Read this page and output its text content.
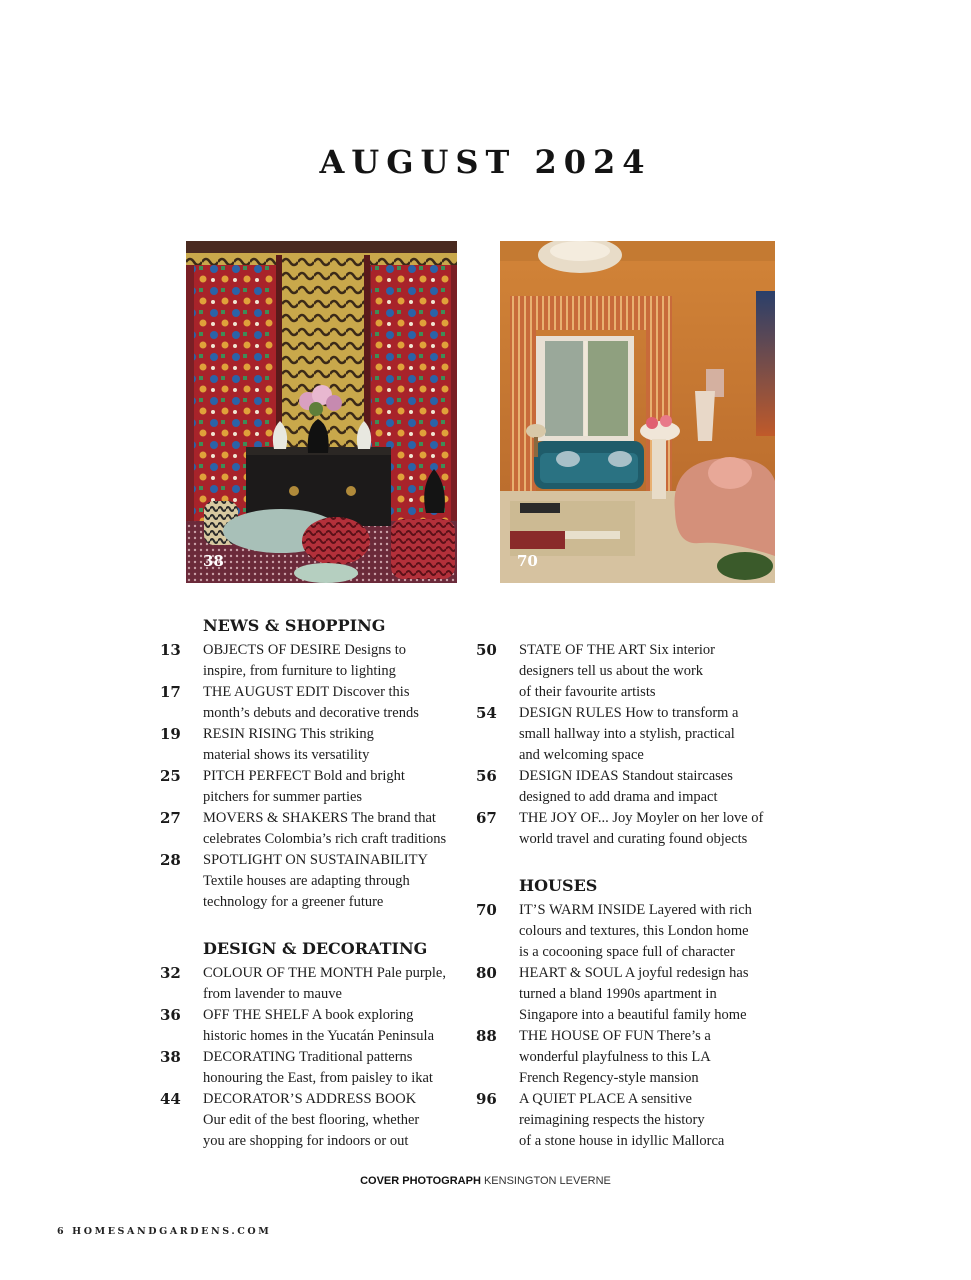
AUGUST 2024
38	70
NEWS & SHOPPING
13	OBJECTS OF DESIRE Designs to
inspire, from furniture to lighting
17	THE AUGUST EDIT Discover this
month’s debuts and decorative trends
19	RESIN RISING This striking
material shows its versatility
25	PITCH PERFECT Bold and bright
pitchers for summer parties
27	MOVERS & SHAKERS The brand that
celebrates Colombia’s rich craft traditions
28	SPOTLIGHT ON SUSTAINABILITY
Textile houses are adapting through
technology for a greener future
DESIGN & DECORATING
32	COLOUR OF THE MONTH Pale purple,
from lavender to mauve
36	OFF THE SHELF A book exploring
historic homes in the Yucatán Peninsula
38	DECORATING Traditional patterns
honouring the East, from paisley to ikat
44	DECORATOR’S ADDRESS BOOK
Our edit of the best flooring, whether
you are shopping for indoors or out
50	STATE OF THE ART Six interior
designers tell us about the work
of their favourite artists
54	DESIGN RULES How to transform a
small hallway into a stylish, practical
and welcoming space
56	DESIGN IDEAS Standout staircases
designed to add drama and impact
67	THE JOY OF... Joy Moyler on her love of
world travel and curating found objects
HOUSES
70	IT’S WARM INSIDE Layered with rich
colours and textures, this London home
is a cocooning space full of character
80	HEART & SOUL A joyful redesign has
turned a bland 1990s apartment in
Singapore into a beautiful family home
88	THE HOUSE OF FUN There’s a
wonderful playfulness to this LA
French Regency-style mansion
96	A QUIET PLACE A sensitive
reimagining respects the history
of a stone house in idyllic Mallorca
COVER PHOTOGRAPH KENSINGTON LEVERNE
6 HOMESANDGARDENS.COM
